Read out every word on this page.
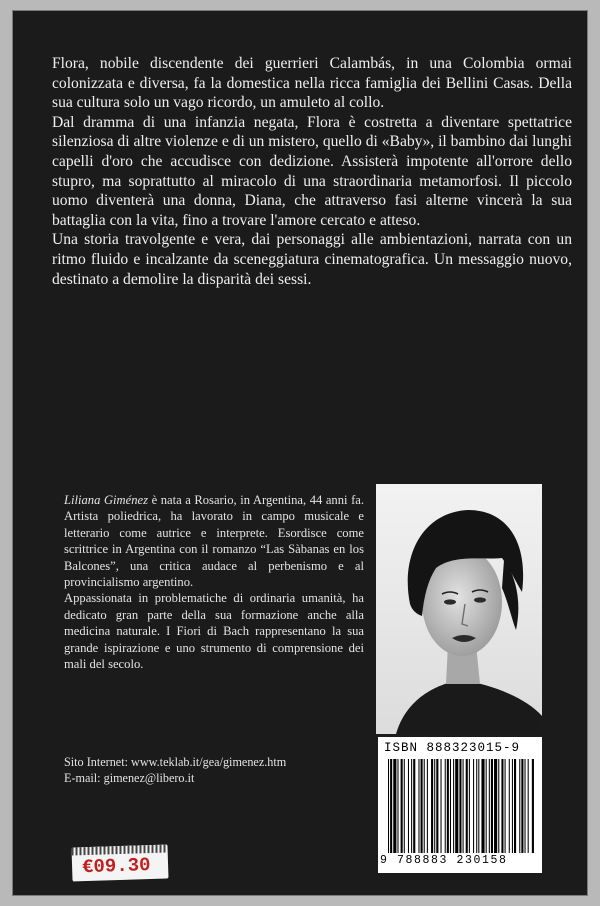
Flora, nobile discendente dei guerrieri Calambás, in una Colombia ormai colonizzata e diversa, fa la domestica nella ricca famiglia dei Bellini Casas. Della sua cultura solo un vago ricordo, un amuleto al collo.

Dal dramma di una infanzia negata, Flora è costretta a diventare spettatrice silenziosa di altre violenze e di un mistero, quello di «Baby», il bambino dai lunghi capelli d'oro che accudisce con dedizione. Assisterà impotente all'orrore dello stupro, ma soprattutto al miracolo di una straordinaria metamorfosi. Il piccolo uomo diventerà una donna, Diana, che attraverso fasi alterne vincerà la sua battaglia con la vita, fino a trovare l'amore cercato e atteso.

Una storia travolgente e vera, dai personaggi alle ambientazioni, narrata con un ritmo fluido e incalzante da sceneggiatura cinematografica. Un messaggio nuovo, destinato a demolire la disparità dei sessi.

Liliana Giménez è nata a Rosario, in Argentina, 44 anni fa. Artista poliedrica, ha lavorato in campo musicale e letterario come autrice e interprete. Esordisce come scrittrice in Argentina con il romanzo “Las Sàbanas en los Balcones”, una critica audace al perbenismo e al provincialismo argentino.

Appassionata in problematiche di ordinaria umanità, ha dedicato gran parte della sua formazione anche alla medicina naturale. I Fiori di Bach rappresentano la sua grande ispirazione e uno strumento di comprensione dei mali del secolo.

Sito Internet: www.teklab.it/gea/gimenez.htm
E-mail: gimenez@libero.it
ISBN 888323015-9
9 788883 230158
€09.30
